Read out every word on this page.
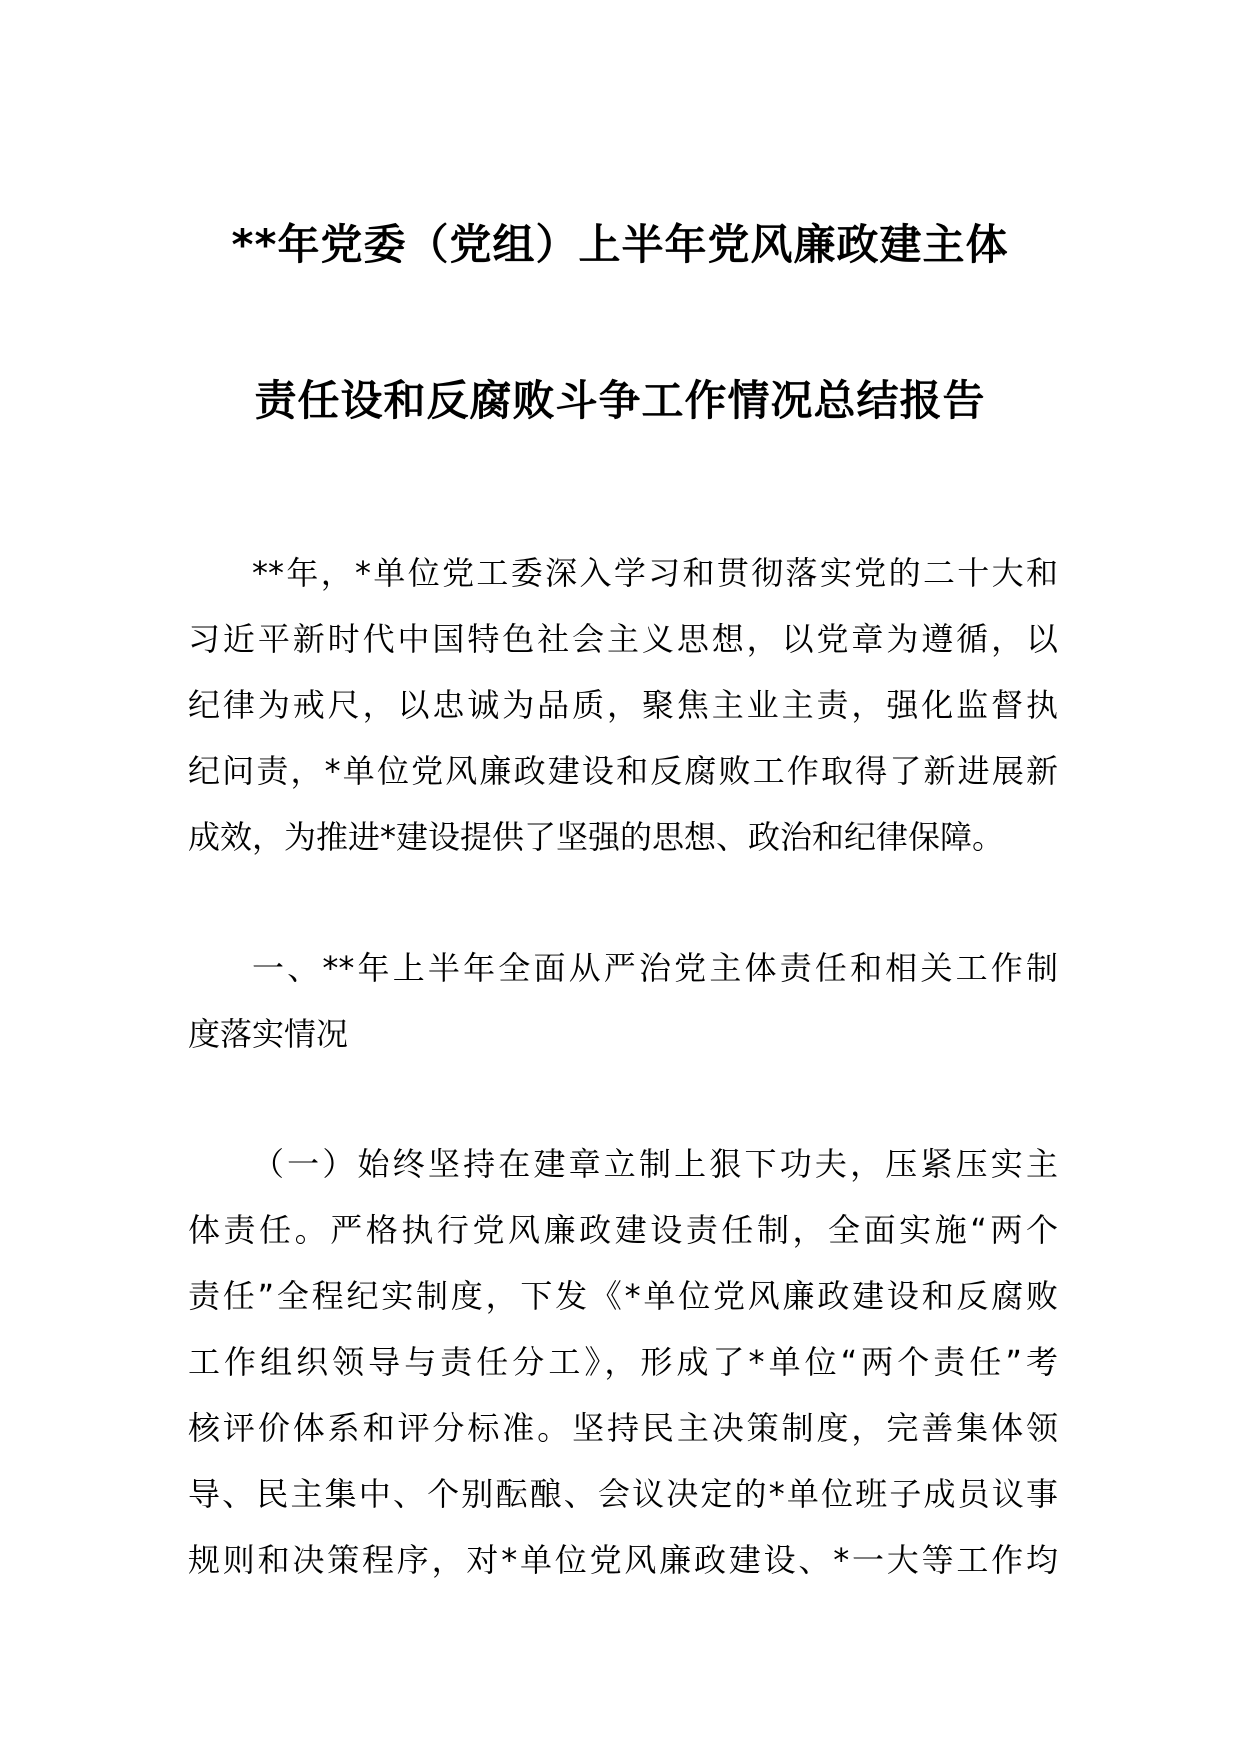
**年党委（党组）上半年党风廉政建主体
责任设和反腐败斗争工作情况总结报告
**年，*单位党工委深入学习和贯彻落实党的二十大和
习近平新时代中国特色社会主义思想，以党章为遵循，以
纪律为戒尺，以忠诚为品质，聚焦主业主责，强化监督执
纪问责，*单位党风廉政建设和反腐败工作取得了新进展新
成效，为推进*建设提供了坚强的思想、政治和纪律保障。
一、**年上半年全面从严治党主体责任和相关工作制
度落实情况
（一）始终坚持在建章立制上狠下功夫，压紧压实主
体责任。严格执行党风廉政建设责任制，全面实施“两个
责任”全程纪实制度，下发《*单位党风廉政建设和反腐败
工作组织领导与责任分工》，形成了*单位“两个责任”考
核评价体系和评分标准。坚持民主决策制度，完善集体领
导、民主集中、个别酝酿、会议决定的*单位班子成员议事
规则和决策程序，对*单位党风廉政建设、*一大等工作均
